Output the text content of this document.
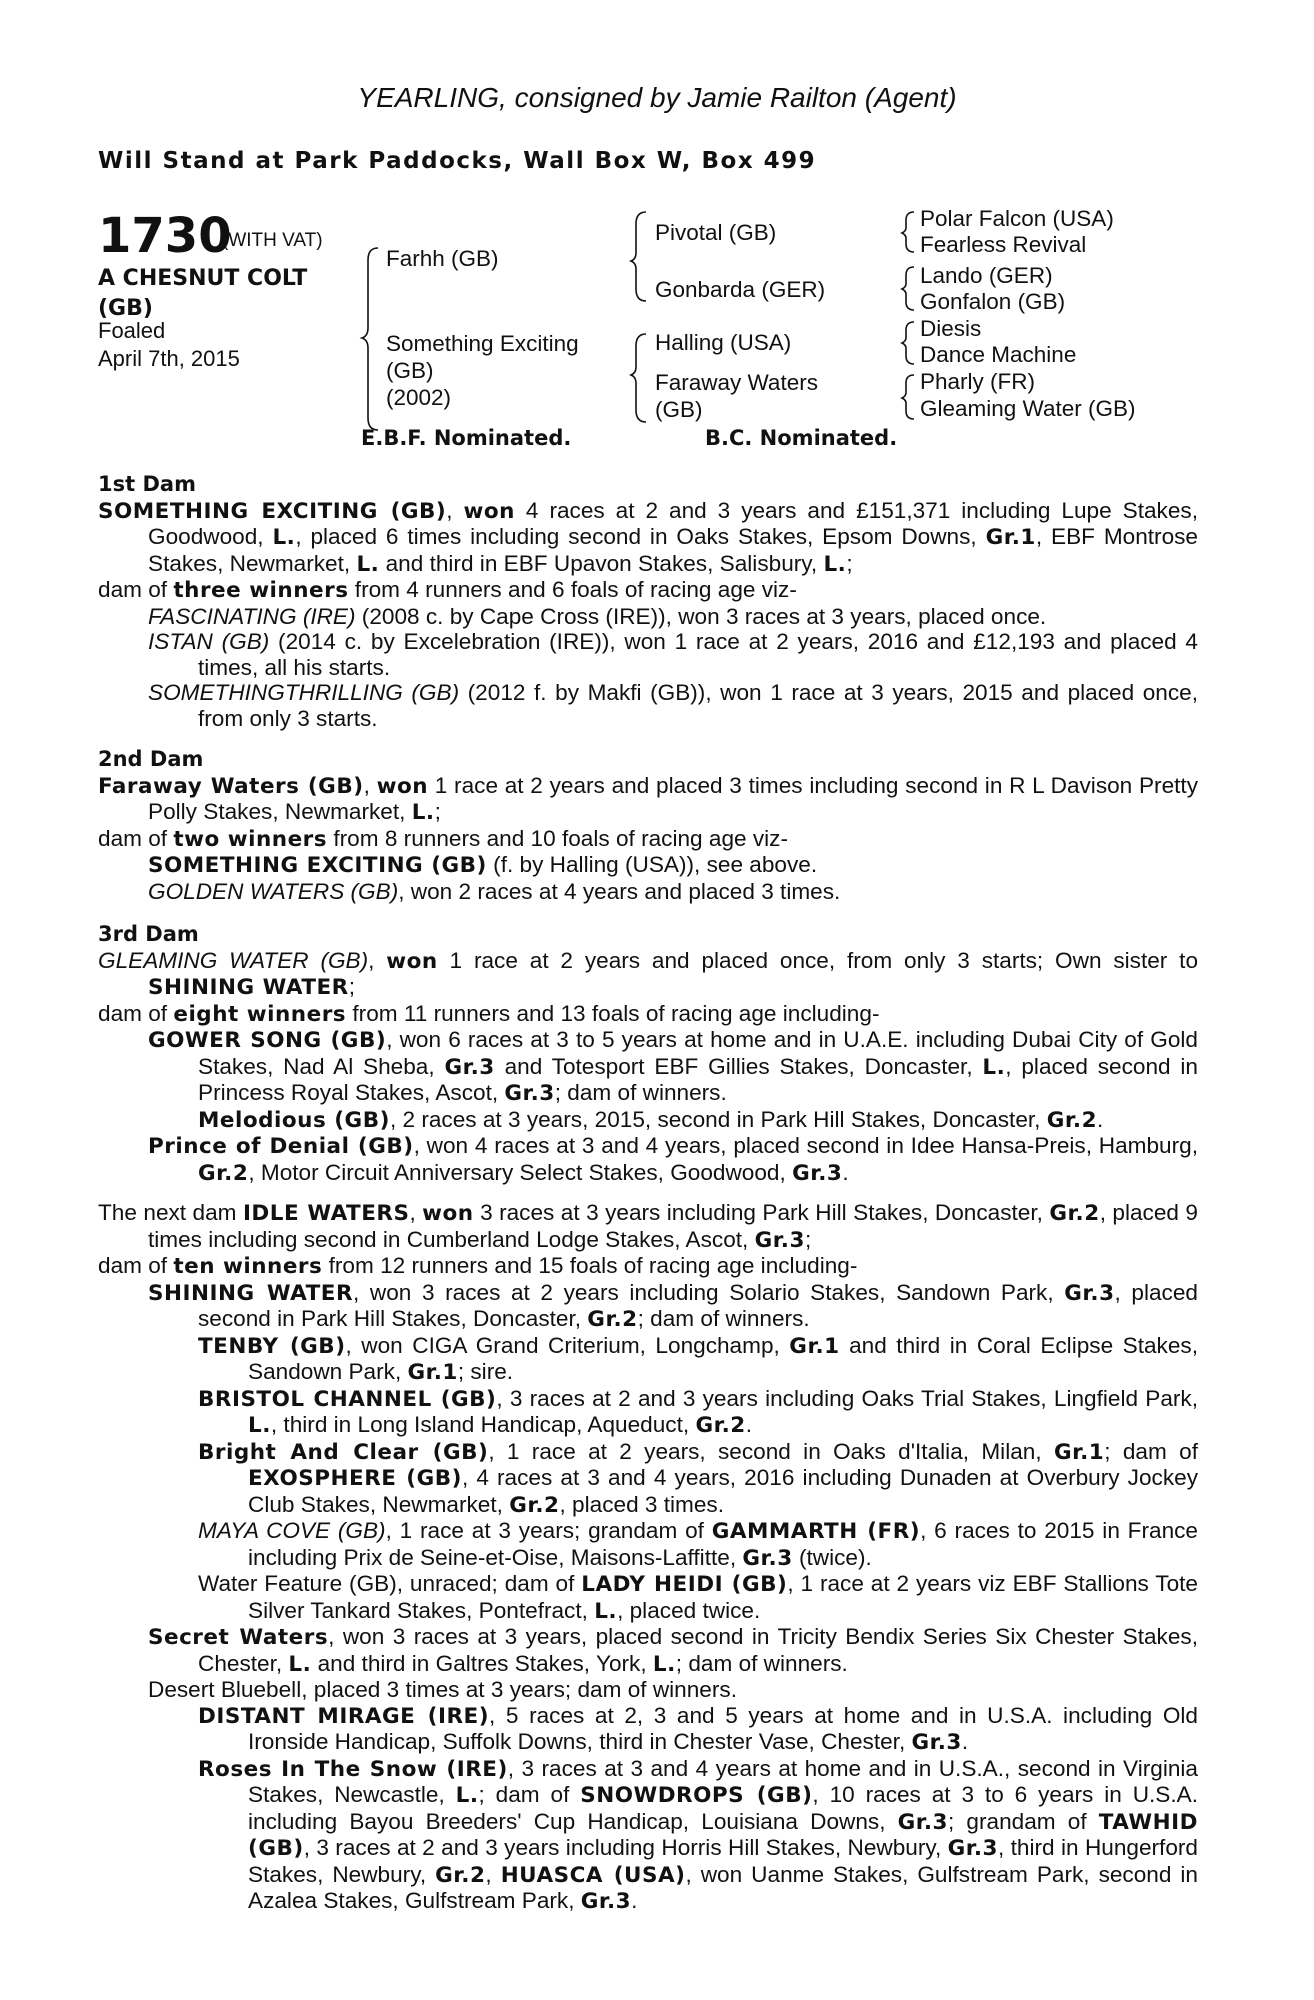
YEARLING, consigned by Jamie Railton (Agent)
Will Stand at Park Paddocks, Wall Box W, Box 499
1730
(WITH VAT)
A CHESNUT COLT
(GB)
Foaled
April 7th, 2015
Farhh (GB)
Something Exciting
(GB)
(2002)
Pivotal (GB)
Gonbarda (GER)
Halling (USA)
Faraway Waters
(GB)
Polar Falcon (USA)
Fearless Revival
Lando (GER)
Gonfalon (GB)
Diesis
Dance Machine
Pharly (FR)
Gleaming Water (GB)
E.B.F. Nominated.	B.C. Nominated.

1st Dam

SOMETHING EXCITING (GB), won 4 races at 2 and 3 years and £151,371 including Lupe Stakes, Goodwood, L., placed 6 times including second in Oaks Stakes, Epsom Downs, Gr.1, EBF Montrose Stakes, Newmarket, L. and third in EBF Upavon Stakes, Salisbury, L.;

dam of three winners from 4 runners and 6 foals of racing age viz-

FASCINATING (IRE) (2008 c. by Cape Cross (IRE)), won 3 races at 3 years, placed once.

ISTAN (GB) (2014 c. by Excelebration (IRE)), won 1 race at 2 years, 2016 and £12,193 and placed 4 times, all his starts.

SOMETHINGTHRILLING (GB) (2012 f. by Makfi (GB)), won 1 race at 3 years, 2015 and placed once, from only 3 starts.

2nd Dam

Faraway Waters (GB), won 1 race at 2 years and placed 3 times including second in R L Davison Pretty Polly Stakes, Newmarket, L.;

dam of two winners from 8 runners and 10 foals of racing age viz-

SOMETHING EXCITING (GB) (f. by Halling (USA)), see above.

GOLDEN WATERS (GB), won 2 races at 4 years and placed 3 times.

3rd Dam

GLEAMING WATER (GB), won 1 race at 2 years and placed once, from only 3 starts; Own sister to SHINING WATER;

dam of eight winners from 11 runners and 13 foals of racing age including-

GOWER SONG (GB), won 6 races at 3 to 5 years at home and in U.A.E. including Dubai City of Gold Stakes, Nad Al Sheba, Gr.3 and Totesport EBF Gillies Stakes, Doncaster, L., placed second in Princess Royal Stakes, Ascot, Gr.3; dam of winners.

Melodious (GB), 2 races at 3 years, 2015, second in Park Hill Stakes, Doncaster, Gr.2.

Prince of Denial (GB), won 4 races at 3 and 4 years, placed second in Idee Hansa-Preis, Hamburg, Gr.2, Motor Circuit Anniversary Select Stakes, Goodwood, Gr.3.

The next dam IDLE WATERS, won 3 races at 3 years including Park Hill Stakes, Doncaster, Gr.2, placed 9 times including second in Cumberland Lodge Stakes, Ascot, Gr.3;

dam of ten winners from 12 runners and 15 foals of racing age including-

SHINING WATER, won 3 races at 2 years including Solario Stakes, Sandown Park, Gr.3, placed second in Park Hill Stakes, Doncaster, Gr.2; dam of winners.

TENBY (GB), won CIGA Grand Criterium, Longchamp, Gr.1 and third in Coral Eclipse Stakes, Sandown Park, Gr.1; sire.

BRISTOL CHANNEL (GB), 3 races at 2 and 3 years including Oaks Trial Stakes, Lingfield Park, L., third in Long Island Handicap, Aqueduct, Gr.2.

Bright And Clear (GB), 1 race at 2 years, second in Oaks d'Italia, Milan, Gr.1; dam of EXOSPHERE (GB), 4 races at 3 and 4 years, 2016 including Dunaden at Overbury Jockey Club Stakes, Newmarket, Gr.2, placed 3 times.

MAYA COVE (GB), 1 race at 3 years; grandam of GAMMARTH (FR), 6 races to 2015 in France including Prix de Seine-et-Oise, Maisons-Laffitte, Gr.3 (twice).

Water Feature (GB), unraced; dam of LADY HEIDI (GB), 1 race at 2 years viz EBF Stallions Tote Silver Tankard Stakes, Pontefract, L., placed twice.

Secret Waters, won 3 races at 3 years, placed second in Tricity Bendix Series Six Chester Stakes, Chester, L. and third in Galtres Stakes, York, L.; dam of winners.

Desert Bluebell, placed 3 times at 3 years; dam of winners.

DISTANT MIRAGE (IRE), 5 races at 2, 3 and 5 years at home and in U.S.A. including Old Ironside Handicap, Suffolk Downs, third in Chester Vase, Chester, Gr.3.

Roses In The Snow (IRE), 3 races at 3 and 4 years at home and in U.S.A., second in Virginia Stakes, Newcastle, L.; dam of SNOWDROPS (GB), 10 races at 3 to 6 years in U.S.A. including Bayou Breeders' Cup Handicap, Louisiana Downs, Gr.3; grandam of TAWHID (GB), 3 races at 2 and 3 years including Horris Hill Stakes, Newbury, Gr.3, third in Hungerford Stakes, Newbury, Gr.2, HUASCA (USA), won Uanme Stakes, Gulfstream Park, second in Azalea Stakes, Gulfstream Park, Gr.3.
